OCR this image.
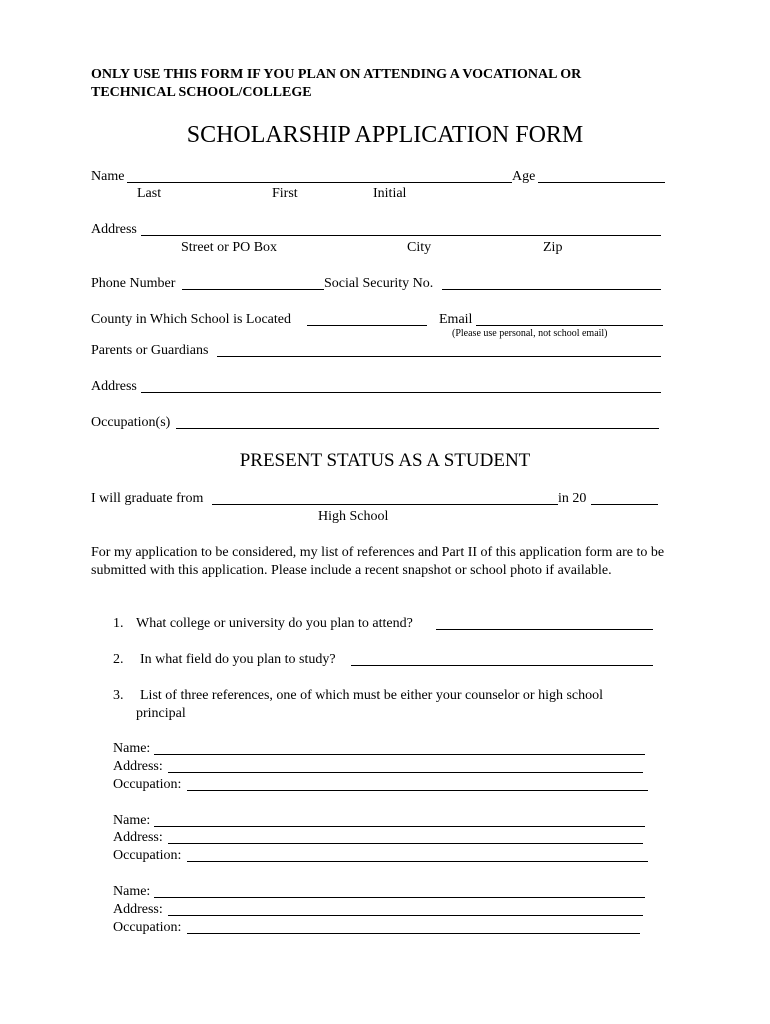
ONLY USE THIS FORM IF YOU PLAN ON ATTENDING A VOCATIONAL OR
TECHNICAL SCHOOL/COLLEGE
SCHOLARSHIP APPLICATION FORM
Name	Age
Last	First	Initial
Address
Street or PO Box	City	Zip
Phone Number	Social Security No.
County in Which School is Located	Email
(Please use personal, not school email)
Parents or Guardians
Address
Occupation(s)
PRESENT STATUS AS A STUDENT
I will graduate from	in 20
High School
For my application to be considered, my list of references and Part II of this application form are to be submitted with this application. Please include a recent snapshot or school photo if available.
1. What college or university do you plan to attend?
2. In what field do you plan to study?
3. List of three references, one of which must be either your counselor or high school principal
Name:
Address:
Occupation:
Name:
Address:
Occupation:
Name:
Address:
Occupation:
